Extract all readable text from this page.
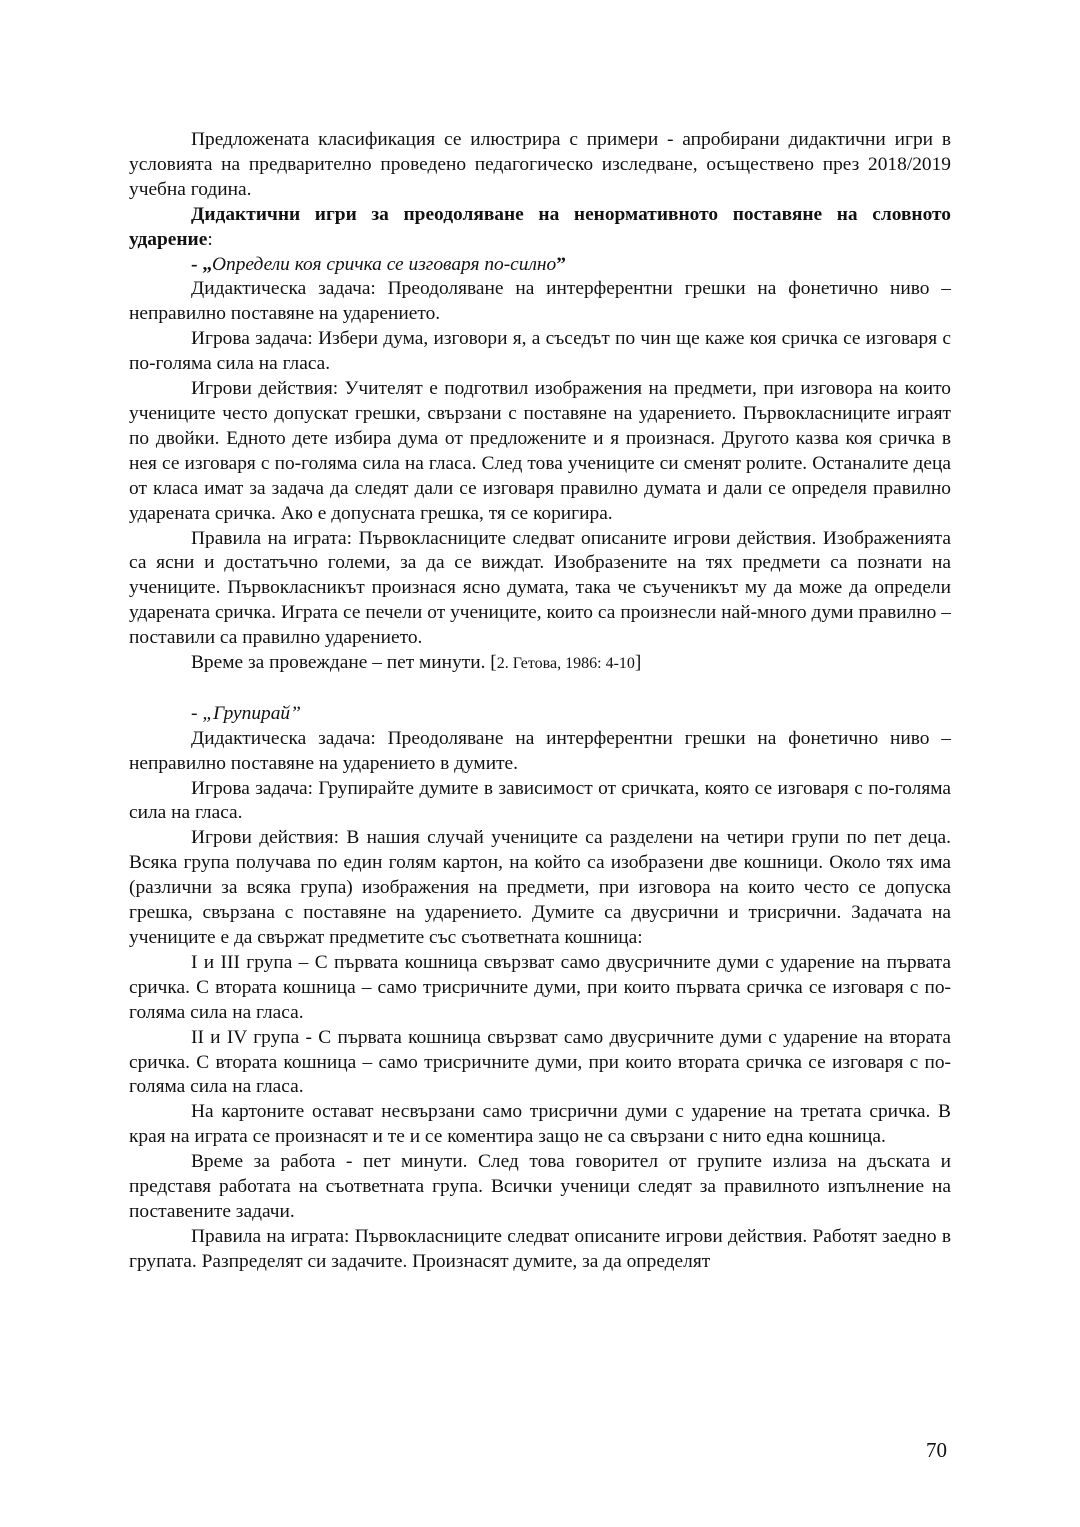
Предложената класификация се илюстрира с примери - апробирани дидактични игри в условията на предварително проведено педагогическо изследване, осъществено през 2018/2019 учебна година.

Дидактични игри за преодоляване на ненормативното поставяне на словното ударение:

- „Определи коя сричка се изговаря по-силно”

Дидактическа задача: Преодоляване на интерферентни грешки на фонетично ниво – неправилно поставяне на ударението.

Игрова задача: Избери дума, изговори я, а съседът по чин ще каже коя сричка се изговаря с по-голяма сила на гласа.

Игрови действия: Учителят е подготвил изображения на предмети, при изговора на които учениците често допускат грешки, свързани с поставяне на ударението. Първокласниците играят по двойки. Едното дете избира дума от предложените и я произнася. Другото казва коя сричка в нея се изговаря с по-голяма сила на гласа. След това учениците си сменят ролите. Останалите деца от класа имат за задача да следят дали се изговаря правилно думата и дали се определя правилно ударената сричка. Ако е допусната грешка, тя се коригира.

Правила на играта: Първокласниците следват описаните игрови действия. Изображенията са ясни и достатъчно големи, за да се виждат. Изобразените на тях предмети са познати на учениците. Първокласникът произнася ясно думата, така че съученикът му да може да определи ударената сричка. Играта се печели от учениците, които са произнесли най-много думи правилно – поставили са правилно ударението.

Време за провеждане – пет минути. [2. Гетова, 1986: 4-10]

- „Групирай”

Дидактическа задача: Преодоляване на интерферентни грешки на фонетично ниво – неправилно поставяне на ударението в думите.

Игрова задача: Групирайте думите в зависимост от сричката, която се изговаря с по-голяма сила на гласа.

Игрови действия: В нашия случай учениците са разделени на четири групи по пет деца. Всяка група получава по един голям картон, на който са изобразени две кошници. Около тях има (различни за всяка група) изображения на предмети, при изговора на които често се допуска грешка, свързана с поставяне на ударението. Думите са двусрични и трисрични. Задачата на учениците е да свържат предметите със съответната кошница:

І и ІІІ група – С първата кошница свързват само двусричните думи с ударение на първата сричка. С втората кошница – само трисричните думи, при които първата сричка се изговаря с по-голяма сила на гласа.

ІІ и ІV група - С първата кошница свързват само двусричните думи с ударение на втората сричка. С втората кошница – само трисричните думи, при които втората сричка се изговаря с по-голяма сила на гласа.

На картоните остават несвързани само трисрични думи с ударение на третата сричка. В края на играта се произнасят и те и се коментира защо не са свързани с нито една кошница.

Време за работа - пет минути. След това говорител от групите излиза на дъската и представя работата на съответната група. Всички ученици следят за правилното изпълнение на поставените задачи.

Правила на играта: Първокласниците следват описаните игрови действия. Работят заедно в групата. Разпределят си задачите. Произнасят думите, за да определят

70
